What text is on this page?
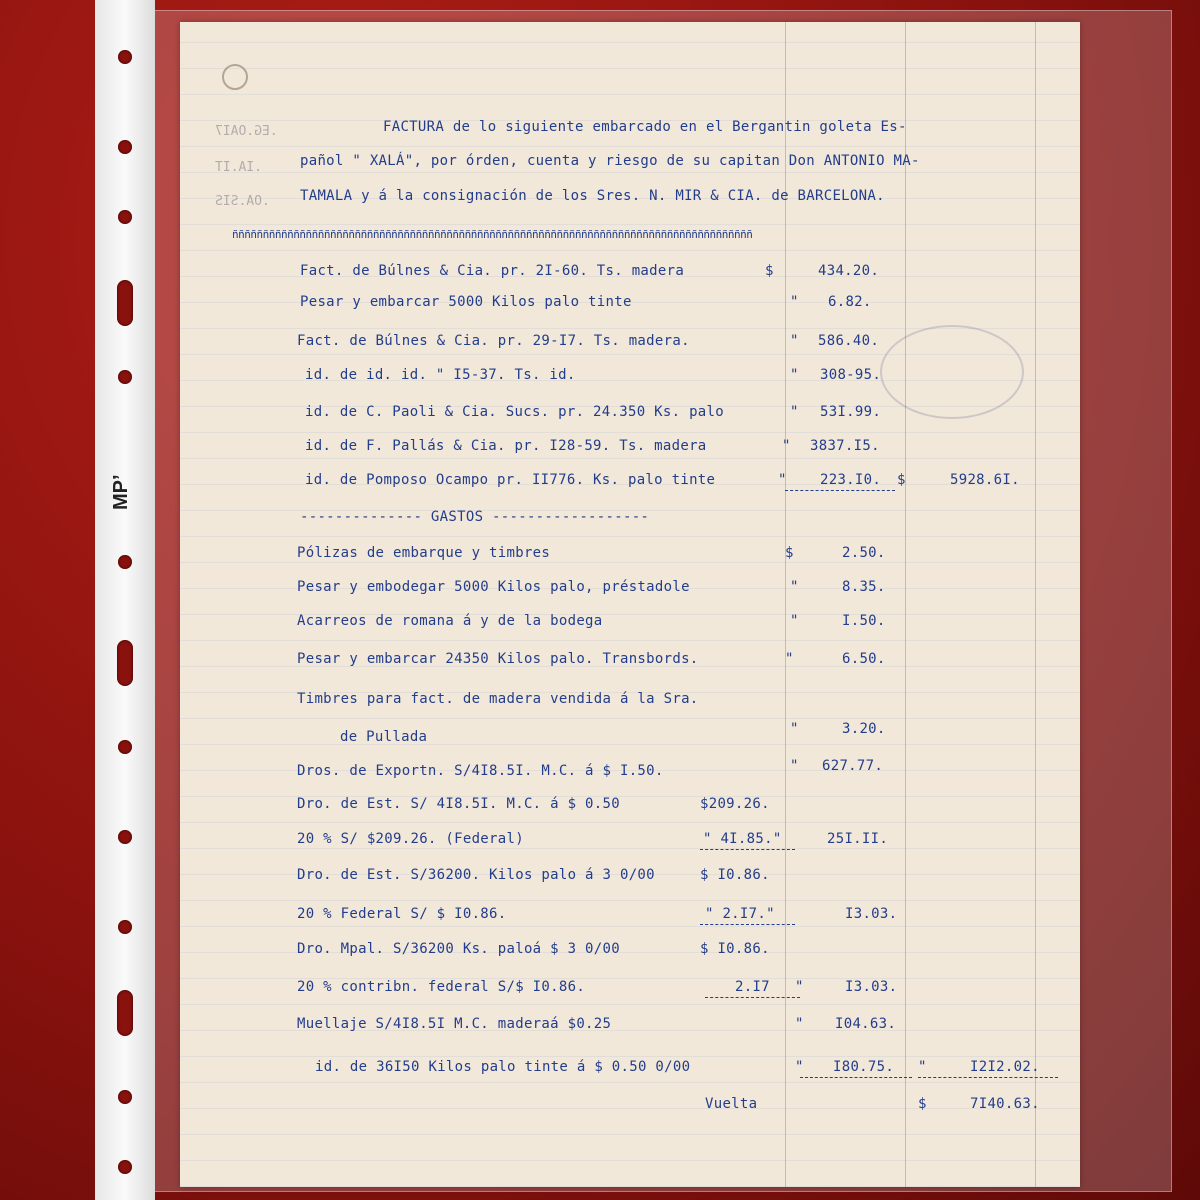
MP’
.EG.OAI7
.IA.IT
.OA.SIS
FACTURA de lo siguiente embarcado en el Bergantin goleta Es-
pañol " XALÁ", por órden, cuenta y riesgo de su capitan Don ANTONIO MA-
TAMALA y á la consignación de los Sres. N. MIR & CIA. de BARCELONA.
ñññññññññññññññññññññññññññññññññññññññññññññññññññññññññññññññññññññññññññññññññññññ
Fact. de Búlnes & Cia. pr. 2I-60. Ts. madera	$	434.20.
Pesar y embarcar 5000 Kilos palo tinte	" 6.82.
Fact. de Búlnes & Cia. pr. 29-I7. Ts. madera.	" 586.40.
id. de id. id. " I5-37. Ts. id.	" 308-95.
id. de C. Paoli & Cia. Sucs. pr. 24.350 Ks. palo	" 53I.99.
id. de F. Pallás & Cia. pr. I28-59. Ts. madera	" 3837.I5.
id. de Pomposo Ocampo pr. II776. Ks. palo tinte	" 223.I0. $	5928.6I.
-------------- GASTOS ------------------
Pólizas de embarque y timbres	$	2.50.
Pesar y embodegar 5000 Kilos palo, préstadole	"	8.35.
Acarreos de romana á y de la bodega	"	I.50.
Pesar y embarcar 24350 Kilos palo. Transbords.	"	6.50.
Timbres para fact. de madera vendida á la Sra.
de Pullada	"	3.20.
Dros. de Exportn. S/4I8.5I. M.C. á $ I.50.	" 627.77.
Dro. de Est. S/ 4I8.5I. M.C. á $ 0.50	$209.26.
20 % S/ $209.26. (Federal)	" 4I.85."	25I.II.
Dro. de Est. S/36200. Kilos palo á 3 0/00	$ I0.86.
20 % Federal S/ $ I0.86.	" 2.I7."	I3.03.
Dro. Mpal. S/36200 Ks. paloá $ 3 0/00	$ I0.86.
20 % contribn. federal S/$ I0.86.	2.I7 "	I3.03.
Muellaje S/4I8.5I M.C. maderaá $0.25	" I04.63.
id. de 36I50 Kilos palo tinte á $ 0.50 0/00	" I80.75. "	I2I2.02.
Vuelta	$	7I40.63.
